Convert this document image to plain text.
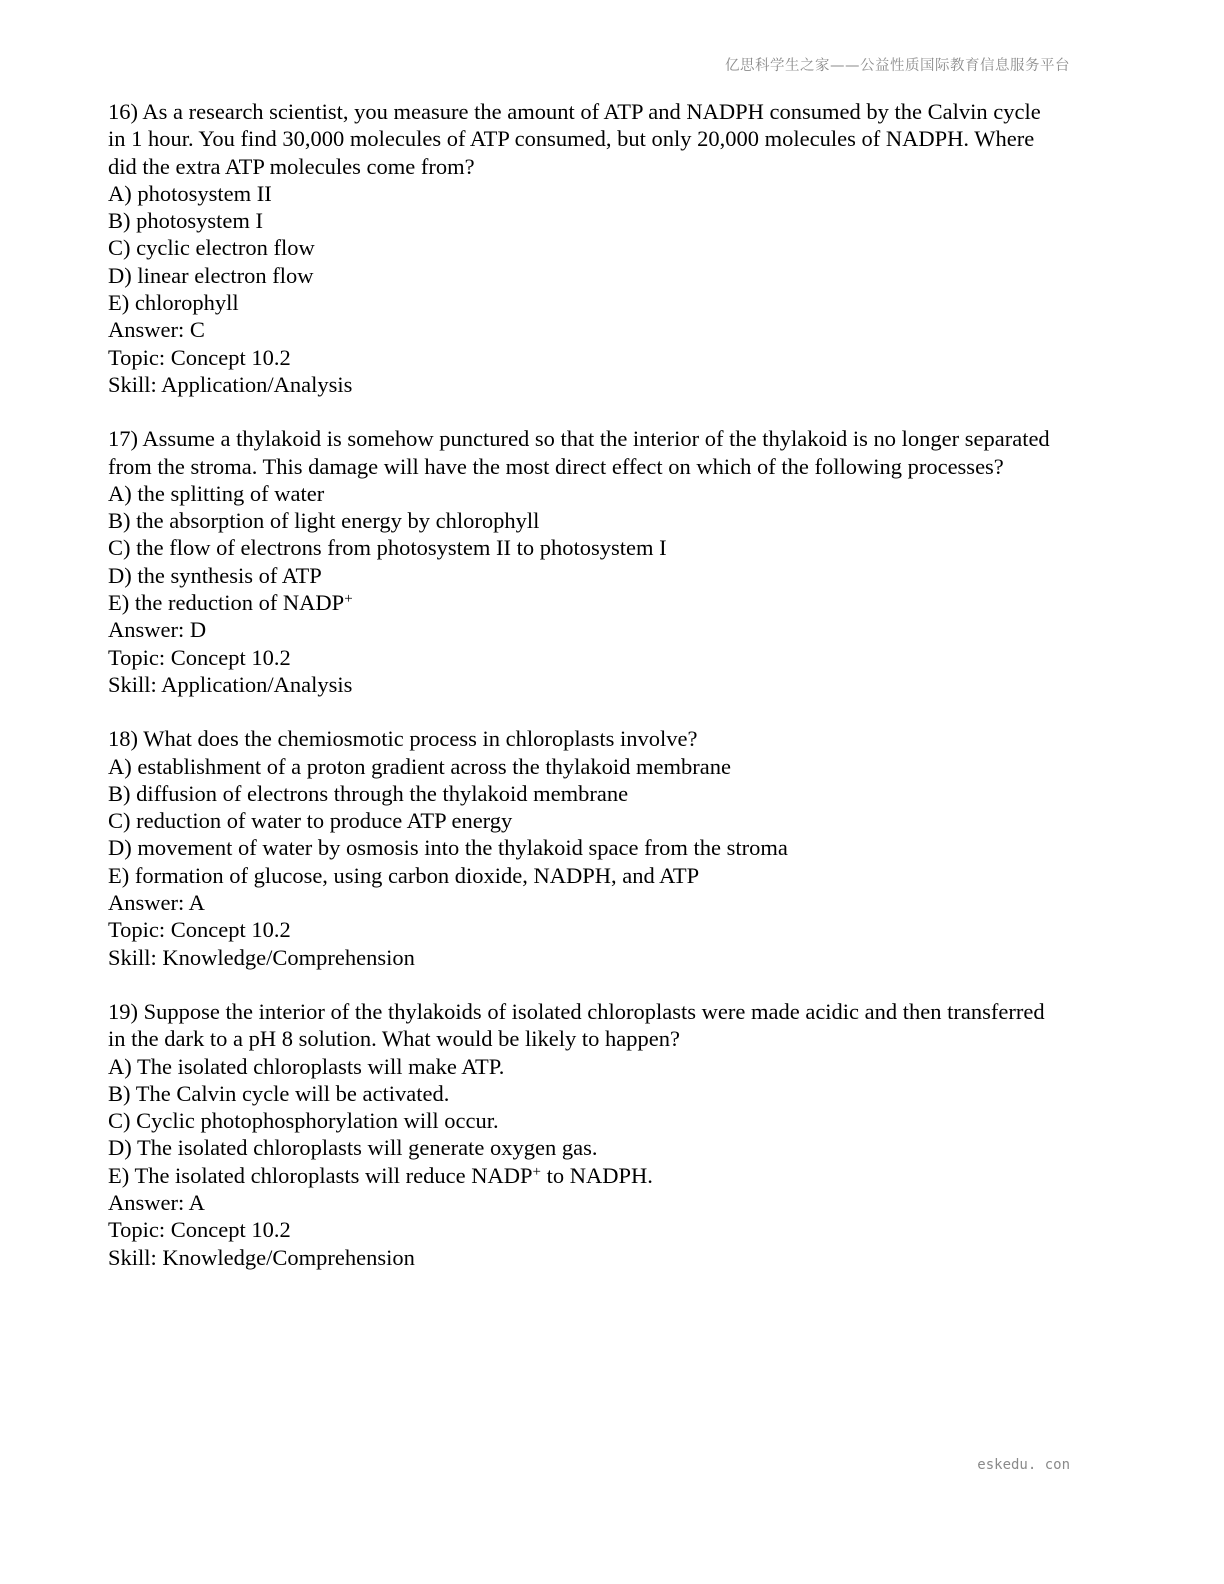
亿思科学生之家——公益性质国际教育信息服务平台

16) As a research scientist, you measure the amount of ATP and NADPH consumed by the Calvin cycle
in 1 hour. You find 30,000 molecules of ATP consumed, but only 20,000 molecules of NADPH. Where
did the extra ATP molecules come from?

A) photosystem II

B) photosystem I

C) cyclic electron flow

D) linear electron flow

E) chlorophyll

Answer: C

Topic: Concept 10.2

Skill: Application/Analysis

17) Assume a thylakoid is somehow punctured so that the interior of the thylakoid is no longer separated
from the stroma. This damage will have the most direct effect on which of the following processes?

A) the splitting of water

B) the absorption of light energy by chlorophyll

C) the flow of electrons from photosystem II to photosystem I

D) the synthesis of ATP

E) the reduction of NADP+

Answer: D

Topic: Concept 10.2

Skill: Application/Analysis

18) What does the chemiosmotic process in chloroplasts involve?

A) establishment of a proton gradient across the thylakoid membrane

B) diffusion of electrons through the thylakoid membrane

C) reduction of water to produce ATP energy

D) movement of water by osmosis into the thylakoid space from the stroma

E) formation of glucose, using carbon dioxide, NADPH, and ATP

Answer: A

Topic: Concept 10.2

Skill: Knowledge/Comprehension

19) Suppose the interior of the thylakoids of isolated chloroplasts were made acidic and then transferred
in the dark to a pH 8 solution. What would be likely to happen?

A) The isolated chloroplasts will make ATP.

B) The Calvin cycle will be activated.

C) Cyclic photophosphorylation will occur.

D) The isolated chloroplasts will generate oxygen gas.

E) The isolated chloroplasts will reduce NADP+ to NADPH.

Answer: A

Topic: Concept 10.2

Skill: Knowledge/Comprehension

eskedu. con
